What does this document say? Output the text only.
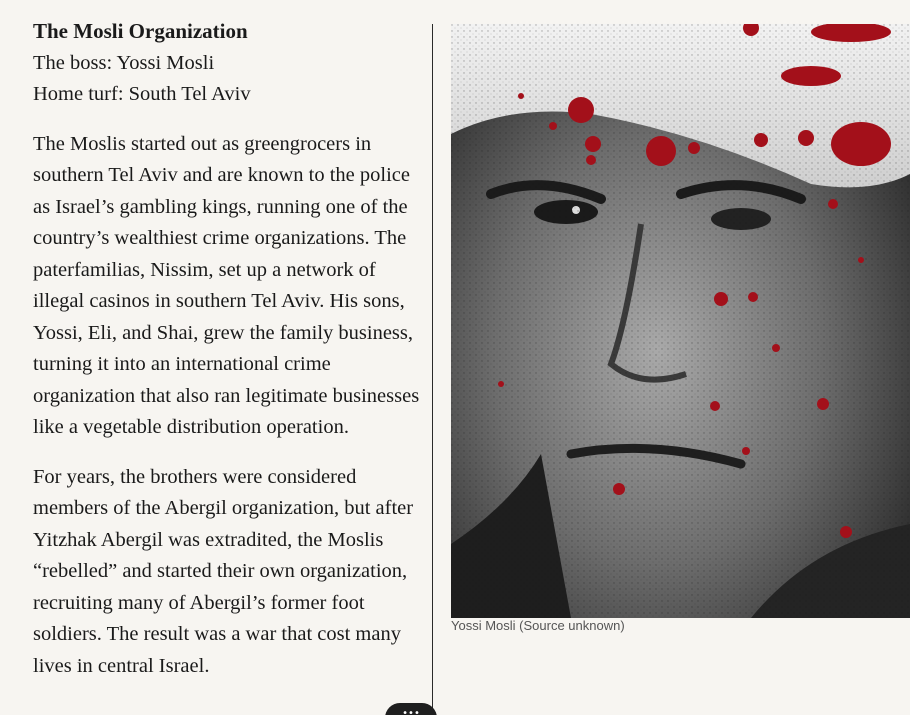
The Mosli Organization

The boss: Yossi Mosli

Home turf: South Tel Aviv

The Moslis started out as greengrocers in southern Tel Aviv and are known to the police as Israel’s gambling kings, running one of the country’s wealthiest crime organizations. The paterfamilias, Nissim, set up a network of illegal casinos in southern Tel Aviv. His sons, Yossi, Eli, and Shai, grew the family business, turning it into an international crime organization that also ran legitimate businesses like a vegetable distribution operation.

For years, the brothers were considered members of the Abergil organization, but after Yitzhak Abergil was extradited, the Moslis “rebelled” and started their own organization, recruiting many of Abergil’s former foot soldiers. The result was a war that cost many lives in central Israel.

Yossi Mosli (Source unknown)
•••
